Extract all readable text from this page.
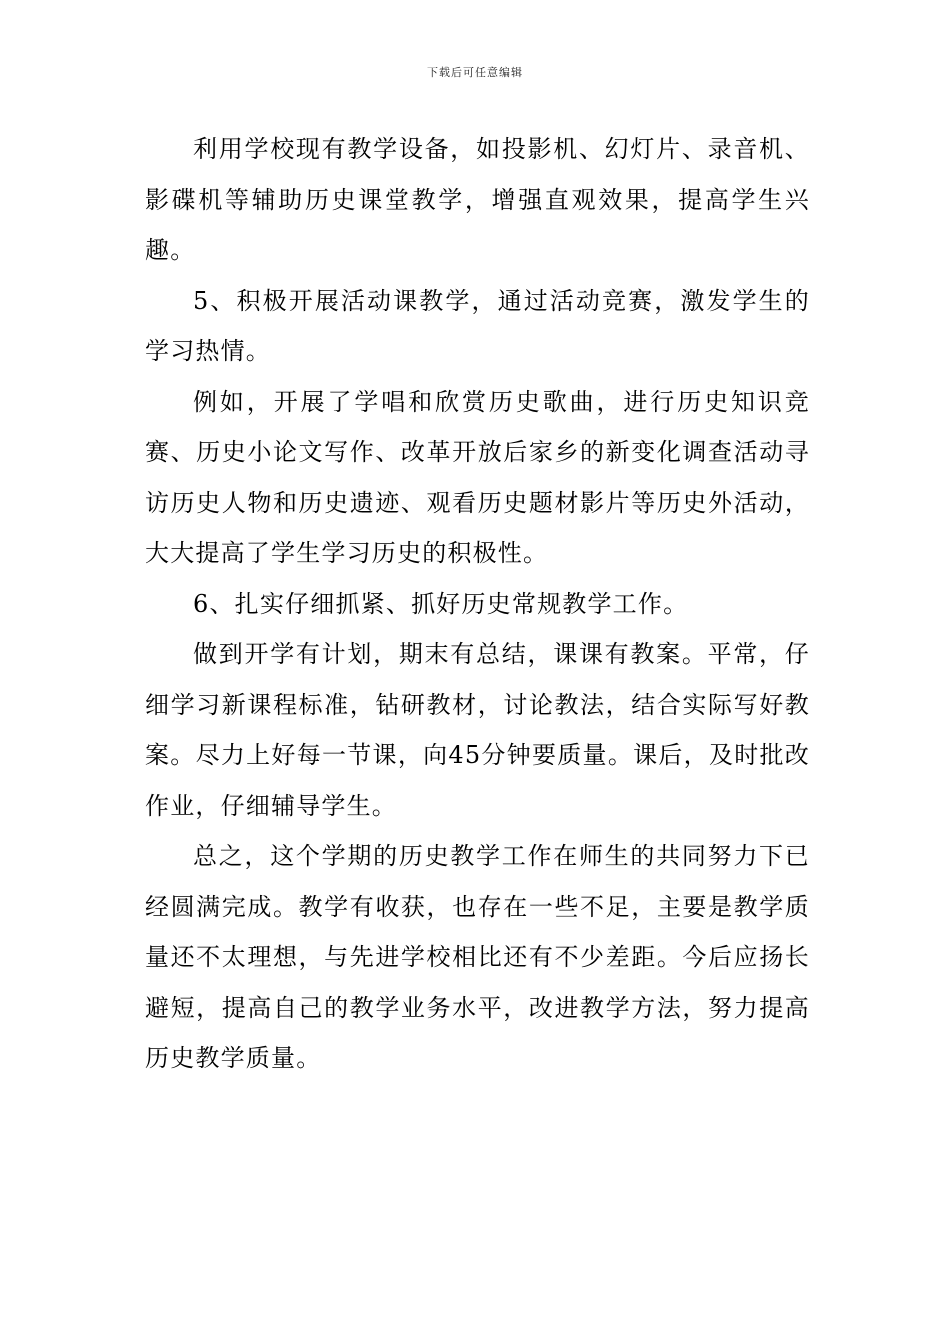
下载后可任意编辑

利用学校现有教学设备，如投影机、幻灯片、录音机、影碟机等辅助历史课堂教学，增强直观效果，提高学生兴趣。

5、积极开展活动课教学，通过活动竞赛，激发学生的学习热情。

例如，开展了学唱和欣赏历史歌曲，进行历史知识竞赛、历史小论文写作、改革开放后家乡的新变化调查活动寻访历史人物和历史遗迹、观看历史题材影片等历史外活动，大大提高了学生学习历史的积极性。

6、扎实仔细抓紧、抓好历史常规教学工作。

做到开学有计划，期末有总结，课课有教案。平常，仔细学习新课程标准，钻研教材，讨论教法，结合实际写好教案。尽力上好每一节课，向45分钟要质量。课后，及时批改作业，仔细辅导学生。

总之，这个学期的历史教学工作在师生的共同努力下已经圆满完成。教学有收获，也存在一些不足，主要是教学质量还不太理想，与先进学校相比还有不少差距。今后应扬长避短，提高自己的教学业务水平，改进教学方法，努力提高历史教学质量。
